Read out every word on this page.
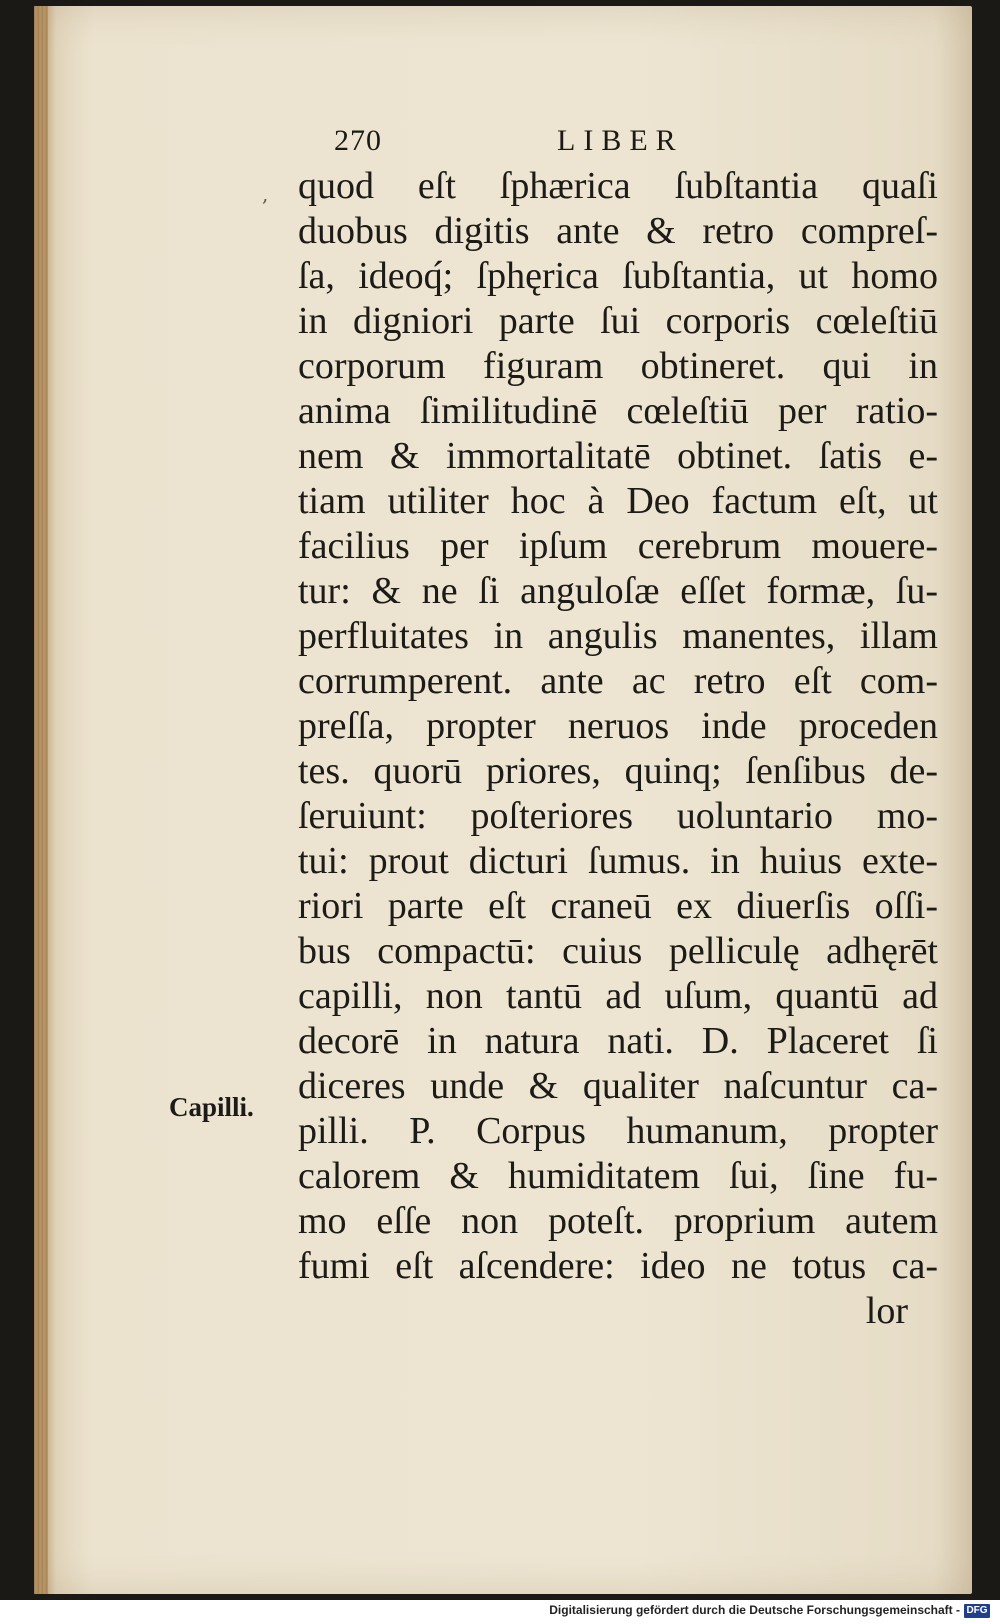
270	LIBER
,
Capilli.
quod eſt ſphærica ſubſtantia quaſi
duobus digitis ante & retro compreſ-
ſa, ideoq́; ſphęrica ſubſtantia, ut homo
in digniori parte ſui corporis cœleſtiū
corporum figuram obtineret. qui in
anima ſimilitudinē cœleſtiū per ratio-
nem & immortalitatē obtinet. ſatis e-
tiam utiliter hoc à Deo factum eſt, ut
facilius per ipſum cerebrum mouere-
tur: & ne ſi anguloſæ eſſet formæ, ſu-
perfluitates in angulis manentes, illam
corrumperent. ante ac retro eſt com-
preſſa, propter neruos inde proceden
tes. quorū priores, quinq; ſenſibus de-
ſeruiunt: poſteriores uoluntario mo-
tui: prout dicturi ſumus. in huius exte-
riori parte eſt craneū ex diuerſis oſſi-
bus compactū: cuius pelliculę adhęrēt
capilli, non tantū ad uſum, quantū ad
decorē in natura nati. D. Placeret ſi
diceres unde & qualiter naſcuntur ca-
pilli. P. Corpus humanum, propter
calorem & humiditatem ſui, ſine fu-
mo eſſe non poteſt. proprium autem
fumi eſt aſcendere: ideo ne totus ca-
lor
Digitalisierung gefördert durch die Deutsche Forschungsgemeinschaft - DFG
